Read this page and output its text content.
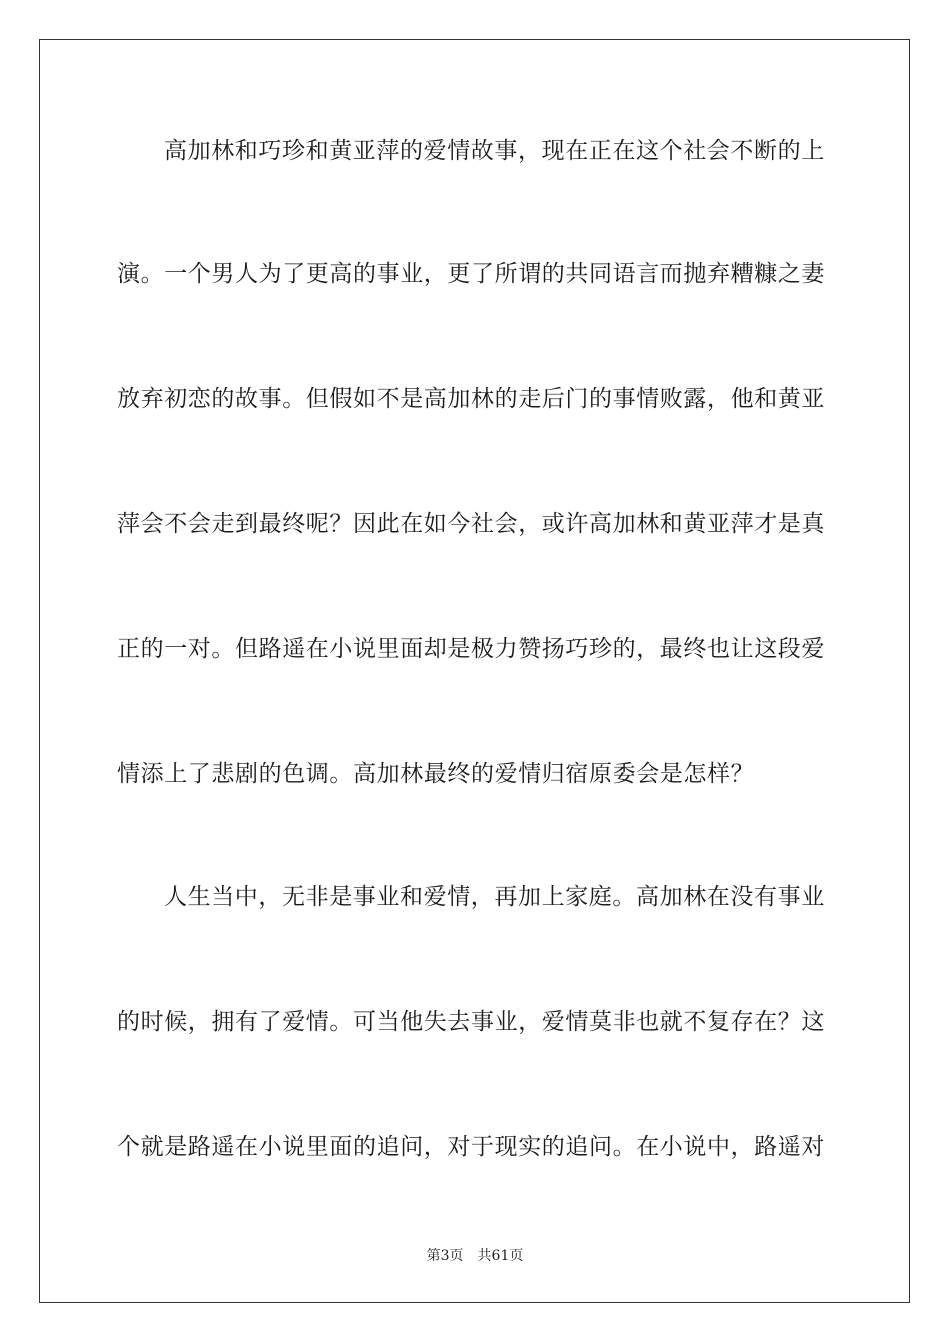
高加林和巧珍和黄亚萍的爱情故事，现在正在这个社会不断的上
演。一个男人为了更高的事业，更了所谓的共同语言而抛弃糟糠之妻
放弃初恋的故事。但假如不是高加林的走后门的事情败露，他和黄亚
萍会不会走到最终呢？因此在如今社会，或许高加林和黄亚萍才是真
正的一对。但路遥在小说里面却是极力赞扬巧珍的，最终也让这段爱
情添上了悲剧的色调。高加林最终的爱情归宿原委会是怎样？
人生当中，无非是事业和爱情，再加上家庭。高加林在没有事业
的时候，拥有了爱情。可当他失去事业，爱情莫非也就不复存在？这
个就是路遥在小说里面的追问，对于现实的追问。在小说中，路遥对
第3页 共61页
